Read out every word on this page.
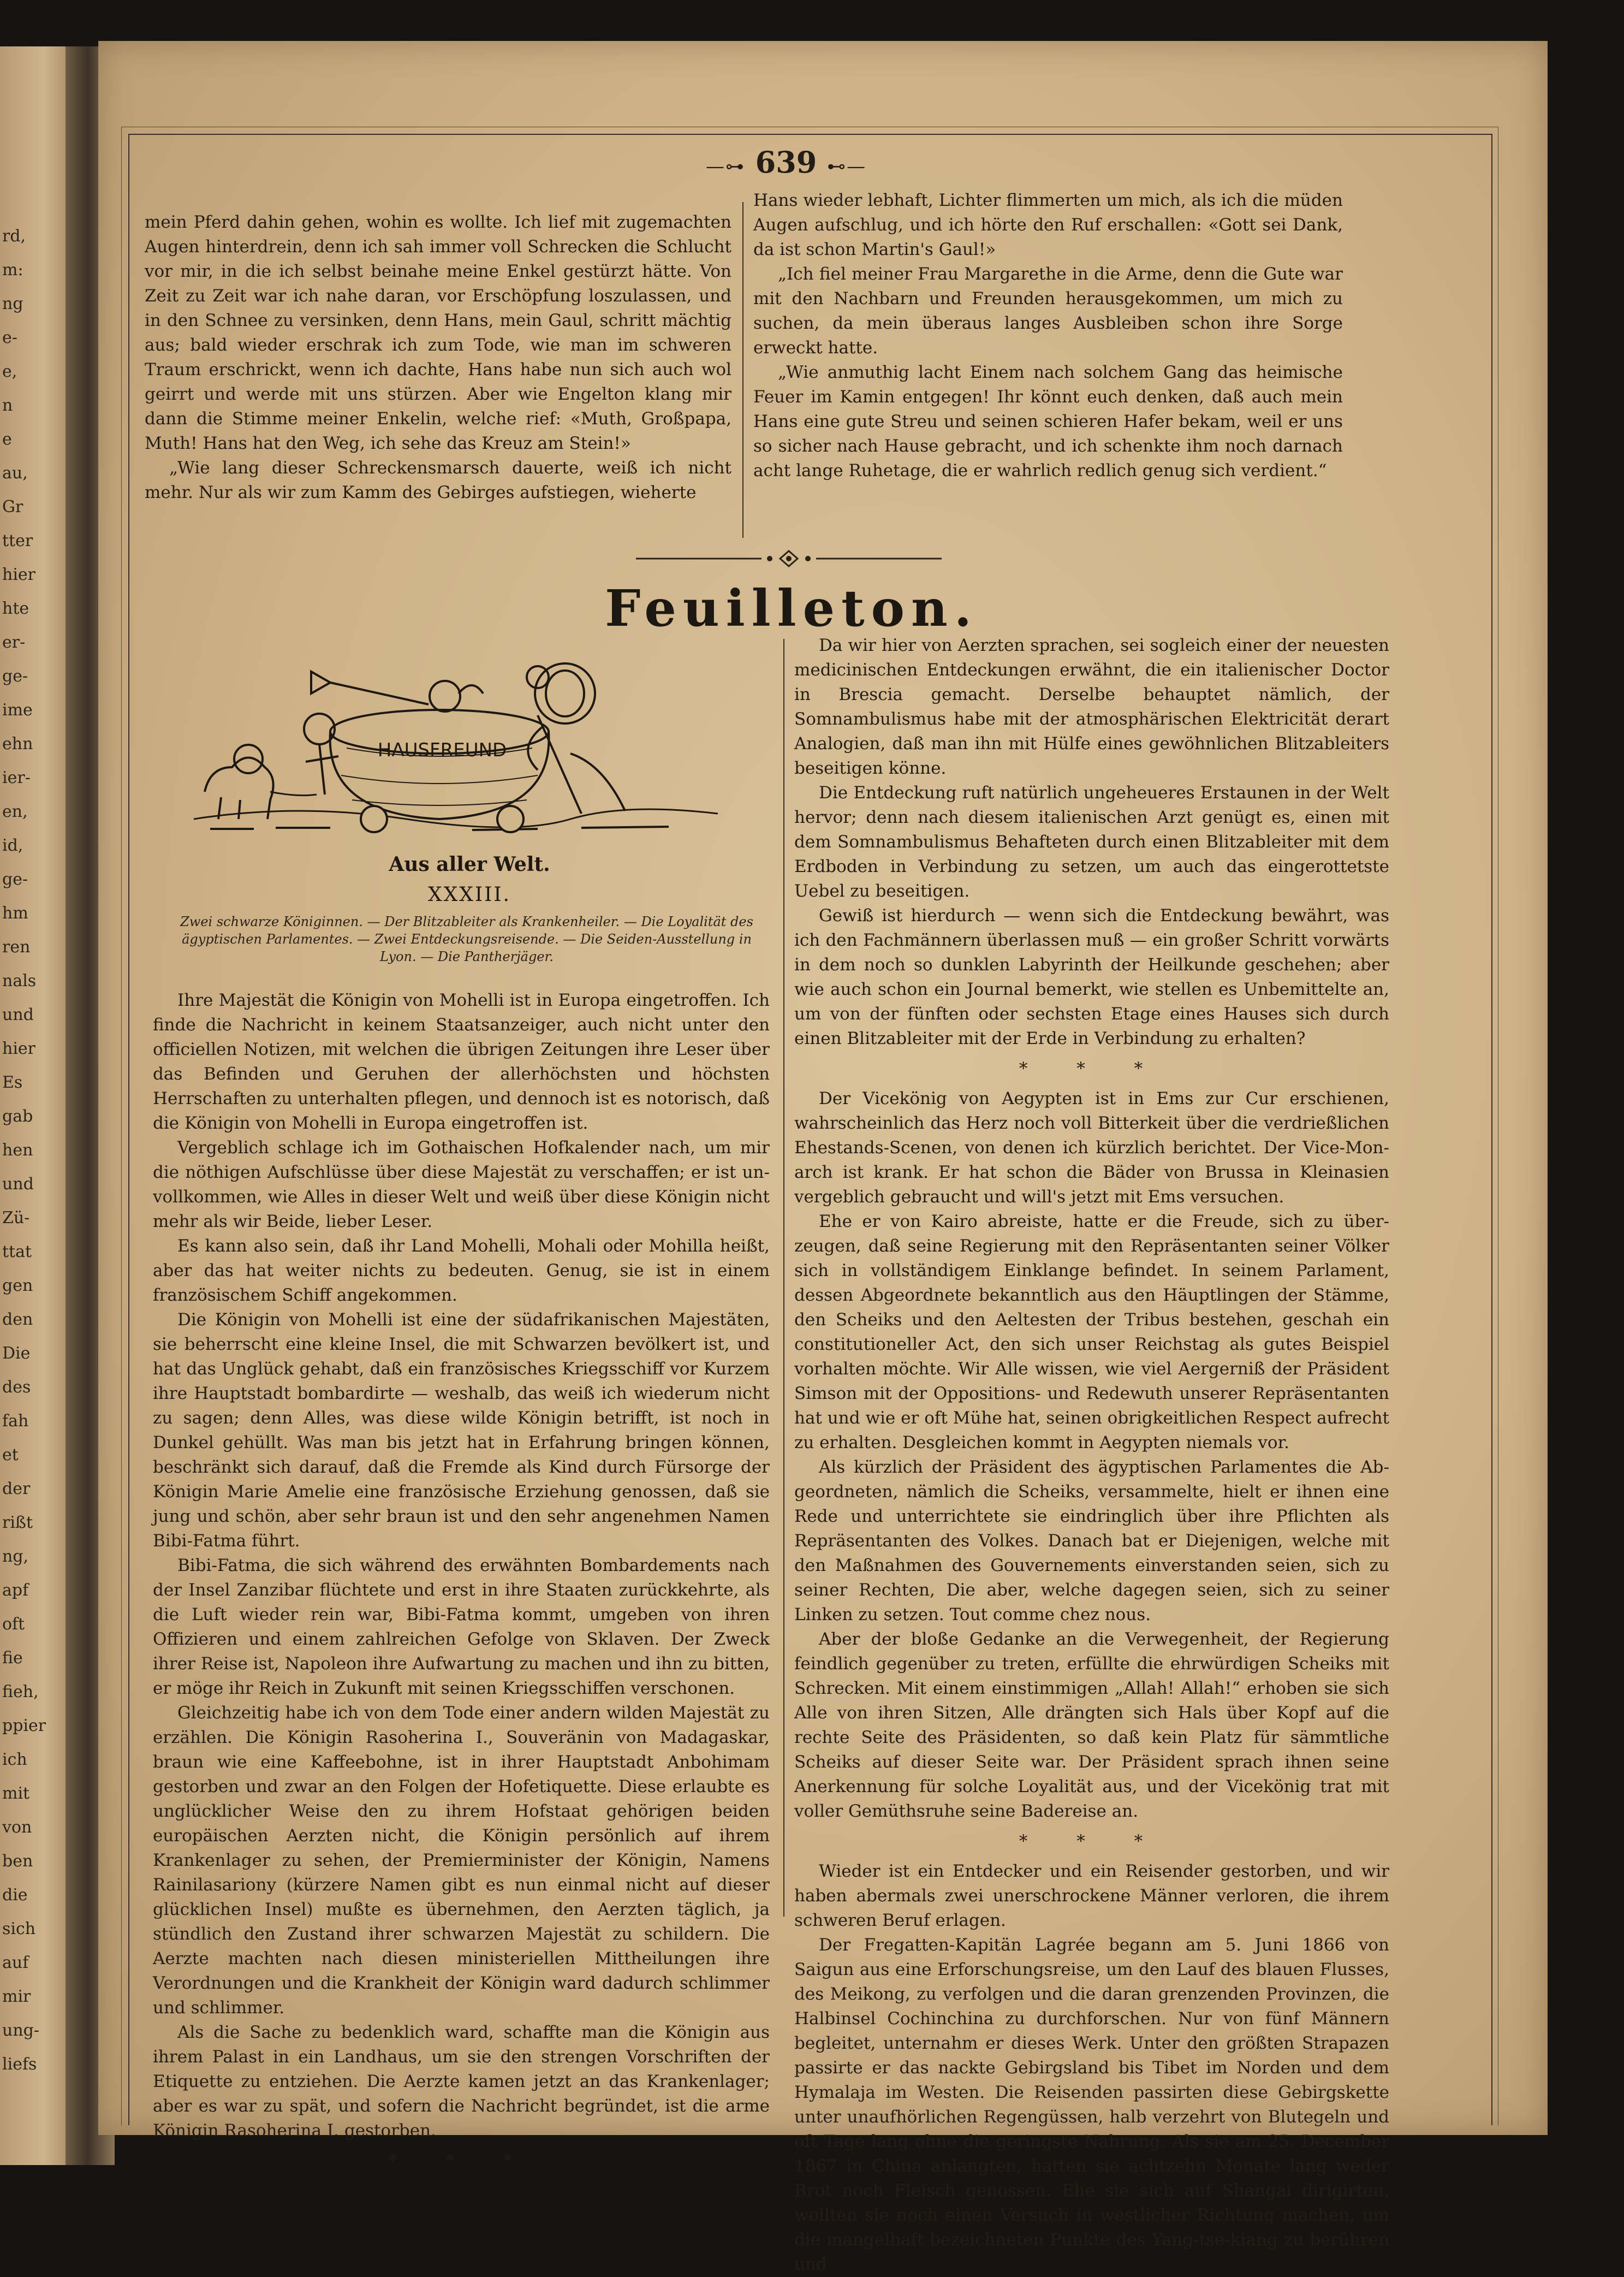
rd,
m:
ng
e-
e,
n
e
au,
Gr
tter
hier
hte
er-
ge-
ime
ehn
ier-
en,
id,
ge-
hm
ren
nals
und
hier
Es
gab
hen
und
Zü-
ttat
gen
den
Die
des
fah
et
der
rißt
ng,
apf
oft
fie
fieh,
ppier
ich
mit
von
ben
die
sich
auf
mir
ung-
liefs
—⊶ 639 ⊷—

mein Pferd dahin gehen, wohin es wollte. Ich lief mit zugemachten Augen hinterdrein, denn ich sah immer voll Schrecken die Schlucht vor mir, in die ich selbst beinahe meine Enkel gestürzt hätte. Von Zeit zu Zeit war ich nahe daran, vor Erschöpfung loszulassen, und in den Schnee zu versinken, denn Hans, mein Gaul, schritt mächtig aus; bald wieder erschrak ich zum Tode, wie man im schweren Traum erschrickt, wenn ich dachte, Hans habe nun sich auch wol geirrt und werde mit uns stürzen. Aber wie Engelton klang mir dann die Stimme meiner Enkelin, welche rief: «Muth, Großpapa, Muth! Hans hat den Weg, ich sehe das Kreuz am Stein!»

„Wie lang dieser Schreckensmarsch dauerte, weiß ich nicht mehr. Nur als wir zum Kamm des Gebirges aufstiegen, wieherte

Hans wieder lebhaft, Lichter flimmerten um mich, als ich die müden Augen aufschlug, und ich hörte den Ruf erschallen: «Gott sei Dank, da ist schon Martin's Gaul!»

„Ich fiel meiner Frau Margarethe in die Arme, denn die Gute war mit den Nachbarn und Freunden herausgekommen, um mich zu suchen, da mein überaus langes Ausbleiben schon ihre Sorge erweckt hatte.

„Wie anmuthig lacht Einem nach solchem Gang das heimische Feuer im Kamin entgegen! Ihr könnt euch denken, daß auch mein Hans eine gute Streu und seinen schieren Hafer bekam, weil er uns so sicher nach Hause gebracht, und ich schenkte ihm noch darnach acht lange Ruhetage, die er wahrlich redlich genug sich verdient.“

Feuilleton.
HAUSFREUND
Aus aller Welt.
XXXIII.
Zwei schwarze Königinnen. — Der Blitzableiter als Krankenheiler. — Die Loyalität des ägyptischen Parlamentes. — Zwei Entdeckungsreisende. — Die Seiden-Ausstellung in Lyon. — Die Pantherjäger.

Ihre Majestät die Königin von Mohelli ist in Europa eingetroffen. Ich finde die Nachricht in keinem Staatsanzeiger, auch nicht unter den officiellen Notizen, mit welchen die übrigen Zeitungen ihre Leser über das Befinden und Geruhen der allerhöchsten und höchsten Herrschaften zu unterhalten pflegen, und dennoch ist es notorisch, daß die Königin von Mohelli in Europa eingetroffen ist.

Vergeblich schlage ich im Gothaischen Hofkalender nach, um mir die nöthigen Aufschlüsse über diese Majestät zu verschaffen; er ist unvollkommen, wie Alles in dieser Welt und weiß über diese Königin nicht mehr als wir Beide, lieber Leser.

Es kann also sein, daß ihr Land Mohelli, Mohali oder Mohilla heißt, aber das hat weiter nichts zu bedeuten. Genug, sie ist in einem französischem Schiff angekommen.

Die Königin von Mohelli ist eine der südafrikanischen Majestäten, sie beherrscht eine kleine Insel, die mit Schwarzen bevölkert ist, und hat das Unglück gehabt, daß ein französisches Kriegsschiff vor Kurzem ihre Hauptstadt bombardirte — weshalb, das weiß ich wiederum nicht zu sagen; denn Alles, was diese wilde Königin betrifft, ist noch in Dunkel gehüllt. Was man bis jetzt hat in Erfahrung bringen können, beschränkt sich darauf, daß die Fremde als Kind durch Fürsorge der Königin Marie Amelie eine französische Erziehung genossen, daß sie jung und schön, aber sehr braun ist und den sehr angenehmen Namen Bibi-Fatma führt.

Bibi-Fatma, die sich während des erwähnten Bombardements nach der Insel Zanzibar flüchtete und erst in ihre Staaten zurückkehrte, als die Luft wieder rein war, Bibi-Fatma kommt, umgeben von ihren Offizieren und einem zahlreichen Gefolge von Sklaven. Der Zweck ihrer Reise ist, Napoleon ihre Aufwartung zu machen und ihn zu bitten, er möge ihr Reich in Zukunft mit seinen Kriegsschiffen verschonen.

Gleichzeitig habe ich von dem Tode einer andern wilden Majestät zu erzählen. Die Königin Rasoherina I., Souveränin von Madagaskar, braun wie eine Kaffeebohne, ist in ihrer Hauptstadt Anbohimam gestorben und zwar an den Folgen der Hofetiquette. Diese erlaubte es unglücklicher Weise den zu ihrem Hofstaat gehörigen beiden europäischen Aerzten nicht, die Königin persönlich auf ihrem Krankenlager zu sehen, der Premierminister der Königin, Namens Rainilasariony (kürzere Namen gibt es nun einmal nicht auf dieser glücklichen Insel) mußte es übernehmen, den Aerzten täglich, ja stündlich den Zustand ihrer schwarzen Majestät zu schildern. Die Aerzte machten nach diesen ministeriellen Mittheilungen ihre Verordnungen und die Krankheit der Königin ward dadurch schlimmer und schlimmer.

Als die Sache zu bedenklich ward, schaffte man die Königin aus ihrem Palast in ein Landhaus, um sie den strengen Vorschriften der Etiquette zu entziehen. Die Aerzte kamen jetzt an das Krankenlager; aber es war zu spät, und sofern die Nachricht begründet, ist die arme Königin Rasoherina I. gestorben.

* * *

Da wir hier von Aerzten sprachen, sei sogleich einer der neuesten medicinischen Entdeckungen erwähnt, die ein italienischer Doctor in Brescia gemacht. Derselbe behauptet nämlich, der Somnambulismus habe mit der atmosphärischen Elektricität derart Analogien, daß man ihn mit Hülfe eines gewöhnlichen Blitzableiters beseitigen könne.

Die Entdeckung ruft natürlich ungeheueres Erstaunen in der Welt hervor; denn nach diesem italienischen Arzt genügt es, einen mit dem Somnambulismus Behafteten durch einen Blitzableiter mit dem Erdboden in Verbindung zu setzen, um auch das eingerottetste Uebel zu beseitigen.

Gewiß ist hierdurch — wenn sich die Entdeckung bewährt, was ich den Fachmännern überlassen muß — ein großer Schritt vorwärts in dem noch so dunklen Labyrinth der Heilkunde geschehen; aber wie auch schon ein Journal bemerkt, wie stellen es Unbemittelte an, um von der fünften oder sechsten Etage eines Hauses sich durch einen Blitzableiter mit der Erde in Verbindung zu erhalten?

* * *

Der Vicekönig von Aegypten ist in Ems zur Cur erschienen, wahrscheinlich das Herz noch voll Bitterkeit über die verdrießlichen Ehestands-Scenen, von denen ich kürzlich berichtet. Der Vice-Monarch ist krank. Er hat schon die Bäder von Brussa in Kleinasien vergeblich gebraucht und will's jetzt mit Ems versuchen.

Ehe er von Kairo abreiste, hatte er die Freude, sich zu überzeugen, daß seine Regierung mit den Repräsentanten seiner Völker sich in vollständigem Einklange befindet. In seinem Parlament, dessen Abgeordnete bekanntlich aus den Häuptlingen der Stämme, den Scheiks und den Aeltesten der Tribus bestehen, geschah ein constitutioneller Act, den sich unser Reichstag als gutes Beispiel vorhalten möchte. Wir Alle wissen, wie viel Aergerniß der Präsident Simson mit der Oppositions- und Redewuth unserer Repräsentanten hat und wie er oft Mühe hat, seinen obrigkeitlichen Respect aufrecht zu erhalten. Desgleichen kommt in Aegypten niemals vor.

Als kürzlich der Präsident des ägyptischen Parlamentes die Abgeordneten, nämlich die Scheiks, versammelte, hielt er ihnen eine Rede und unterrichtete sie eindringlich über ihre Pflichten als Repräsentanten des Volkes. Danach bat er Diejenigen, welche mit den Maßnahmen des Gouvernements einverstanden seien, sich zu seiner Rechten, Die aber, welche dagegen seien, sich zu seiner Linken zu setzen. Tout comme chez nous.

Aber der bloße Gedanke an die Verwegenheit, der Regierung feindlich gegenüber zu treten, erfüllte die ehrwürdigen Scheiks mit Schrecken. Mit einem einstimmigen „Allah! Allah!“ erhoben sie sich Alle von ihren Sitzen, Alle drängten sich Hals über Kopf auf die rechte Seite des Präsidenten, so daß kein Platz für sämmtliche Scheiks auf dieser Seite war. Der Präsident sprach ihnen seine Anerkennung für solche Loyalität aus, und der Vicekönig trat mit voller Gemüthsruhe seine Badereise an.

* * *

Wieder ist ein Entdecker und ein Reisender gestorben, und wir haben abermals zwei unerschrockene Männer verloren, die ihrem schweren Beruf erlagen.

Der Fregatten-Kapitän Lagrée begann am 5. Juni 1866 von Saigun aus eine Erforschungsreise, um den Lauf des blauen Flusses, des Meikong, zu verfolgen und die daran grenzenden Provinzen, die Halbinsel Cochinchina zu durchforschen. Nur von fünf Männern begleitet, unternahm er dieses Werk. Unter den größten Strapazen passirte er das nackte Gebirgsland bis Tibet im Norden und dem Hymalaja im Westen. Die Reisenden passirten diese Gebirgskette unter unaufhörlichen Regengüssen, halb verzehrt von Blutegeln und oft Tage lang ohne die geringste Nahrung. Als sie am 25. December 1867 in China anlangten, hatten sie achtzehn Monate lang weder Brot noch Fleisch genossen. Ehe sie sich auf Shangai dirigirten, wollten sie noch einen Versuch in westlicher Richtung machen, um die mangelhaft bezeichneten Punkte des Yang-tse-kiang zu berühren und
